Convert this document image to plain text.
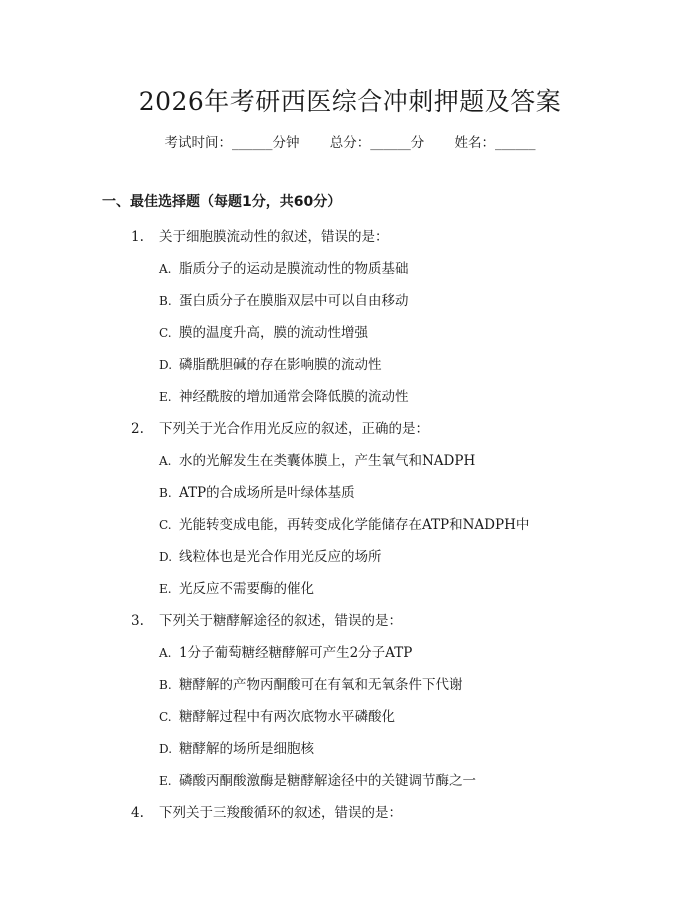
2026年考研西医综合冲刺押题及答案
考试时间：______分钟 总分：______分 姓名：______
一、最佳选择题（每题1分，共60分）
1. 关于细胞膜流动性的叙述，错误的是：
A. 脂质分子的运动是膜流动性的物质基础
B. 蛋白质分子在膜脂双层中可以自由移动
C. 膜的温度升高，膜的流动性增强
D. 磷脂酰胆碱的存在影响膜的流动性
E. 神经酰胺的增加通常会降低膜的流动性
2. 下列关于光合作用光反应的叙述，正确的是：
A. 水的光解发生在类囊体膜上，产生氧气和NADPH
B. ATP的合成场所是叶绿体基质
C. 光能转变成电能，再转变成化学能储存在ATP和NADPH中
D. 线粒体也是光合作用光反应的场所
E. 光反应不需要酶的催化
3. 下列关于糖酵解途径的叙述，错误的是：
A. 1分子葡萄糖经糖酵解可产生2分子ATP
B. 糖酵解的产物丙酮酸可在有氧和无氧条件下代谢
C. 糖酵解过程中有两次底物水平磷酸化
D. 糖酵解的场所是细胞核
E. 磷酸丙酮酸激酶是糖酵解途径中的关键调节酶之一
4. 下列关于三羧酸循环的叙述，错误的是：
